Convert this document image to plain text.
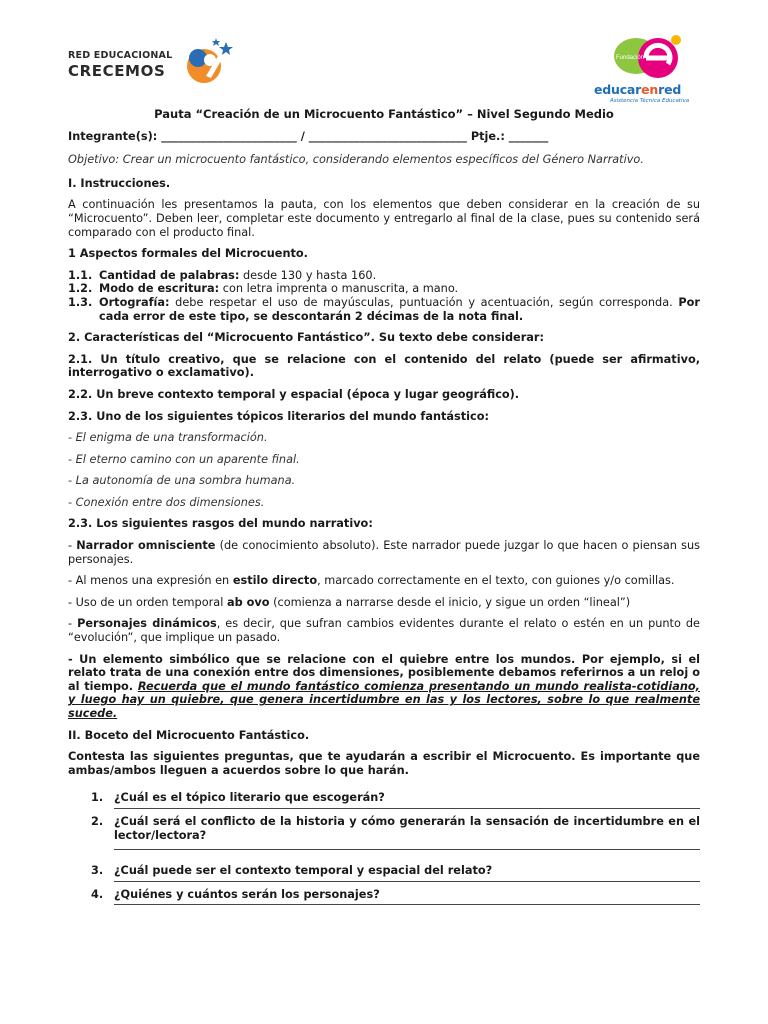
RED EDUCACIONAL
CRECEMOS
Fundación
educarenred
Asistencia Técnica Educativa
Pauta “Creación de un Microcuento Fantástico” – Nivel Segundo Medio
Integrante(s): ________________________ / ____________________________ Ptje.: _______
Objetivo: Crear un microcuento fantástico, considerando elementos específicos del Género Narrativo.
I. Instrucciones.
A continuación les presentamos la pauta, con los elementos que deben considerar en la creación de su “Microcuento”. Deben leer, completar este documento y entregarlo al final de la clase, pues su contenido será comparado con el producto final.
1 Aspectos formales del Microcuento.
1.1. Cantidad de palabras: desde 130 y hasta 160.
1.2. Modo de escritura: con letra imprenta o manuscrita, a mano.
1.3. Ortografía: debe respetar el uso de mayúsculas, puntuación y acentuación, según corresponda. Por cada error de este tipo, se descontarán 2 décimas de la nota final.
2. Características del “Microcuento Fantástico”. Su texto debe considerar:
2.1. Un título creativo, que se relacione con el contenido del relato (puede ser afirmativo, interrogativo o exclamativo).
2.2. Un breve contexto temporal y espacial (época y lugar geográfico).
2.3. Uno de los siguientes tópicos literarios del mundo fantástico:
- El enigma de una transformación.
- El eterno camino con un aparente final.
- La autonomía de una sombra humana.
- Conexión entre dos dimensiones.
2.3. Los siguientes rasgos del mundo narrativo:
- Narrador omnisciente (de conocimiento absoluto). Este narrador puede juzgar lo que hacen o piensan sus personajes.
- Al menos una expresión en estilo directo, marcado correctamente en el texto, con guiones y/o comillas.
- Uso de un orden temporal ab ovo (comienza a narrarse desde el inicio, y sigue un orden “lineal”)
- Personajes dinámicos, es decir, que sufran cambios evidentes durante el relato o estén en un punto de “evolución”, que implique un pasado.
- Un elemento simbólico que se relacione con el quiebre entre los mundos. Por ejemplo, si el relato trata de una conexión entre dos dimensiones, posiblemente debamos referirnos a un reloj o al tiempo. Recuerda que el mundo fantástico comienza presentando un mundo realista-cotidiano, y luego hay un quiebre, que genera incertidumbre en las y los lectores, sobre lo que realmente sucede.
II. Boceto del Microcuento Fantástico.
Contesta las siguientes preguntas, que te ayudarán a escribir el Microcuento. Es importante que ambas/ambos lleguen a acuerdos sobre lo que harán.
1. ¿Cuál es el tópico literario que escogerán?
2. ¿Cuál será el conflicto de la historia y cómo generarán la sensación de incertidumbre en el lector/lectora?
3. ¿Cuál puede ser el contexto temporal y espacial del relato?
4. ¿Quiénes y cuántos serán los personajes?
